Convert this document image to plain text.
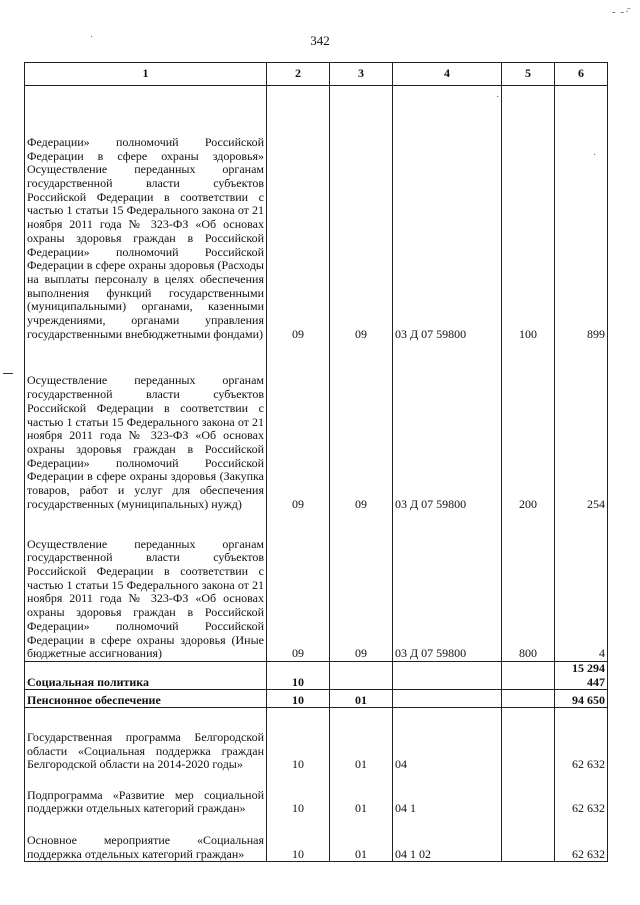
342
- -·̄
·
·
·
1	2	3	4	5	6
Федерации» полномочий Российской Федерации в сфере охраны здоровья» Осуществление переданных органам государственной власти субъектов Российской Федерации в соответствии с частью 1 статьи 15 Федерального закона от 21 ноября 2011 года № 323-ФЗ «Об основах охраны здоровья граждан в Российской Федерации» полномочий Российской Федерации в сфере охраны здоровья (Расходы на выплаты персоналу в целях обеспечения выполнения функций государственными (муниципальными) органами, казенными учреждениями, органами управления государственными внебюджетными фондами)	09	09	03 Д 07 59800	100	899
Осуществление переданных органам государственной власти субъектов Российской Федерации в соответствии с частью 1 статьи 15 Федерального закона от 21 ноября 2011 года № 323-ФЗ «Об основах охраны здоровья граждан в Российской Федерации» полномочий Российской Федерации в сфере охраны здоровья (Закупка товаров, работ и услуг для обеспечения государственных (муниципальных) нужд)	09	09	03 Д 07 59800	200	254
Осуществление переданных органам государственной власти субъектов Российской Федерации в соответствии с частью 1 статьи 15 Федерального закона от 21 ноября 2011 года № 323-ФЗ «Об основах охраны здоровья граждан в Российской Федерации» полномочий Российской Федерации в сфере охраны здоровья (Иные бюджетные ассигнования)	09	09	03 Д 07 59800	800	4
Социальная политика	10				15 294 447
Пенсионное обеспечение	10	01			94 650
Государственная программа Белгородской области «Социальная поддержка граждан Белгородской области на 2014-2020 годы»	10	01	04		62 632
Подпрограмма «Развитие мер социальной поддержки отдельных категорий граждан»	10	01	04 1		62 632
Основное мероприятие «Социальная поддержка отдельных категорий граждан»	10	01	04 1 02		62 632
